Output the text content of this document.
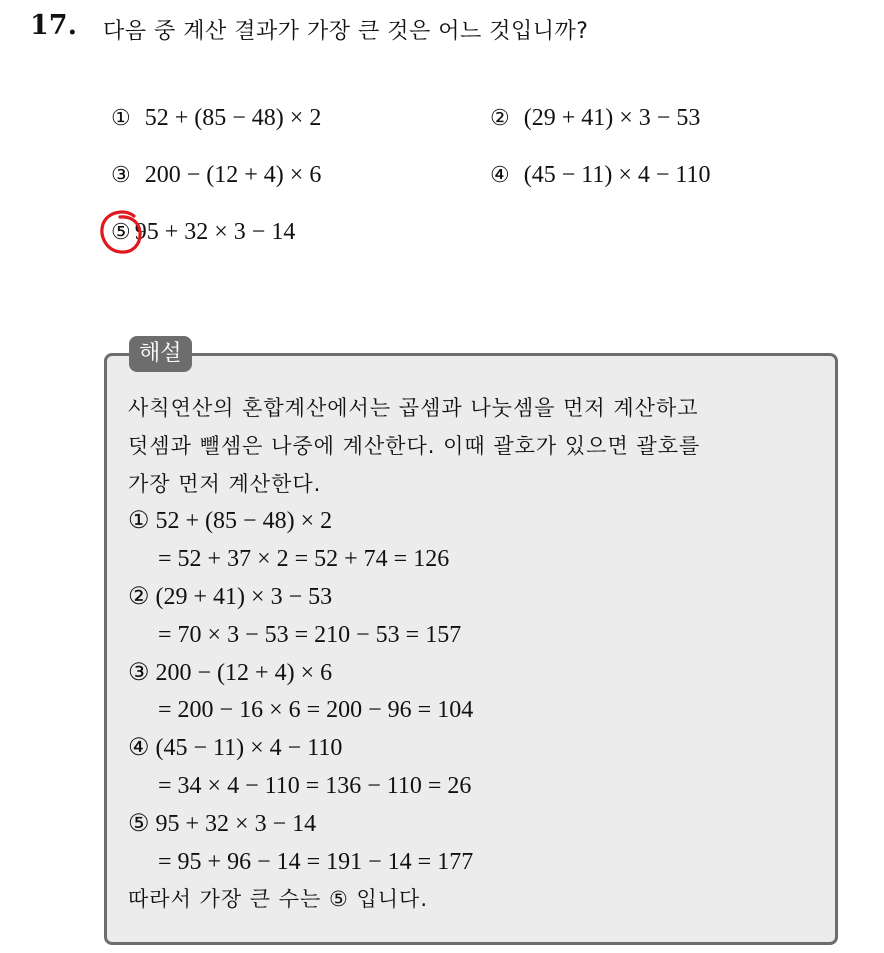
17. 다음 중 계산 결과가 가장 큰 것은 어느 것입니까?
① 52 + (85 − 48) × 2	② (29 + 41) × 3 − 53
③ 200 − (12 + 4) × 6	④ (45 − 11) × 4 − 110
⑤ 95 + 32 × 3 − 14
해설
사칙연산의 혼합계산에서는 곱셈과 나눗셈을 먼저 계산하고
덧셈과 뺄셈은 나중에 계산한다. 이때 괄호가 있으면 괄호를
가장 먼저 계산한다.
① 52 + (85 − 48) × 2
= 52 + 37 × 2 = 52 + 74 = 126
② (29 + 41) × 3 − 53
= 70 × 3 − 53 = 210 − 53 = 157
③ 200 − (12 + 4) × 6
= 200 − 16 × 6 = 200 − 96 = 104
④ (45 − 11) × 4 − 110
= 34 × 4 − 110 = 136 − 110 = 26
⑤ 95 + 32 × 3 − 14
= 95 + 96 − 14 = 191 − 14 = 177
따라서 가장 큰 수는 ⑤ 입니다.
